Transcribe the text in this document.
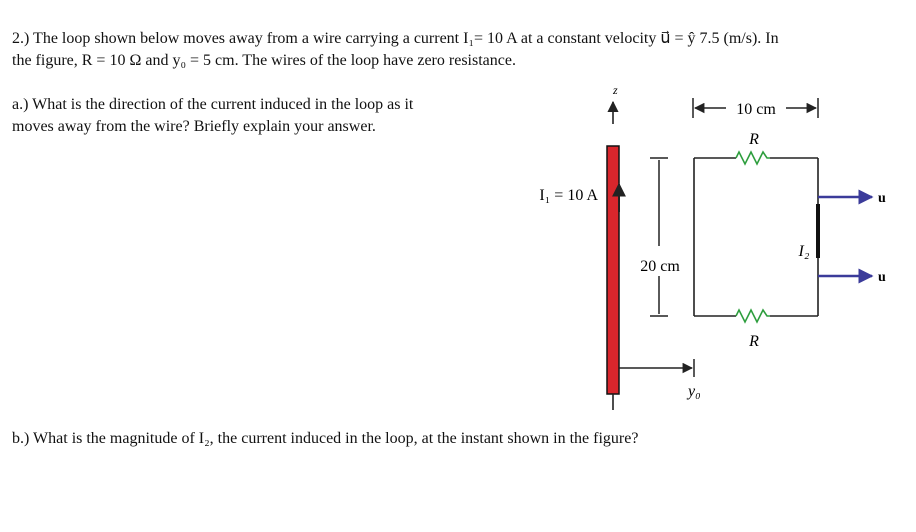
2.) The loop shown below moves away from a wire carrying a current I₁= 10 A at a constant velocity u⃗ = ŷ 7.5 (m/s). In
the figure, R = 10 Ω and y₀ = 5 cm. The wires of the loop have zero resistance.
a.) What is the direction of the current induced in the loop as it
moves away from the wire? Briefly explain your answer.
b.) What is the magnitude of I₂, the current induced in the loop, at the instant shown in the figure?
z
I₁ = 10 A
10 cm
20 cm
R
R
I₂
u
u
y₀
